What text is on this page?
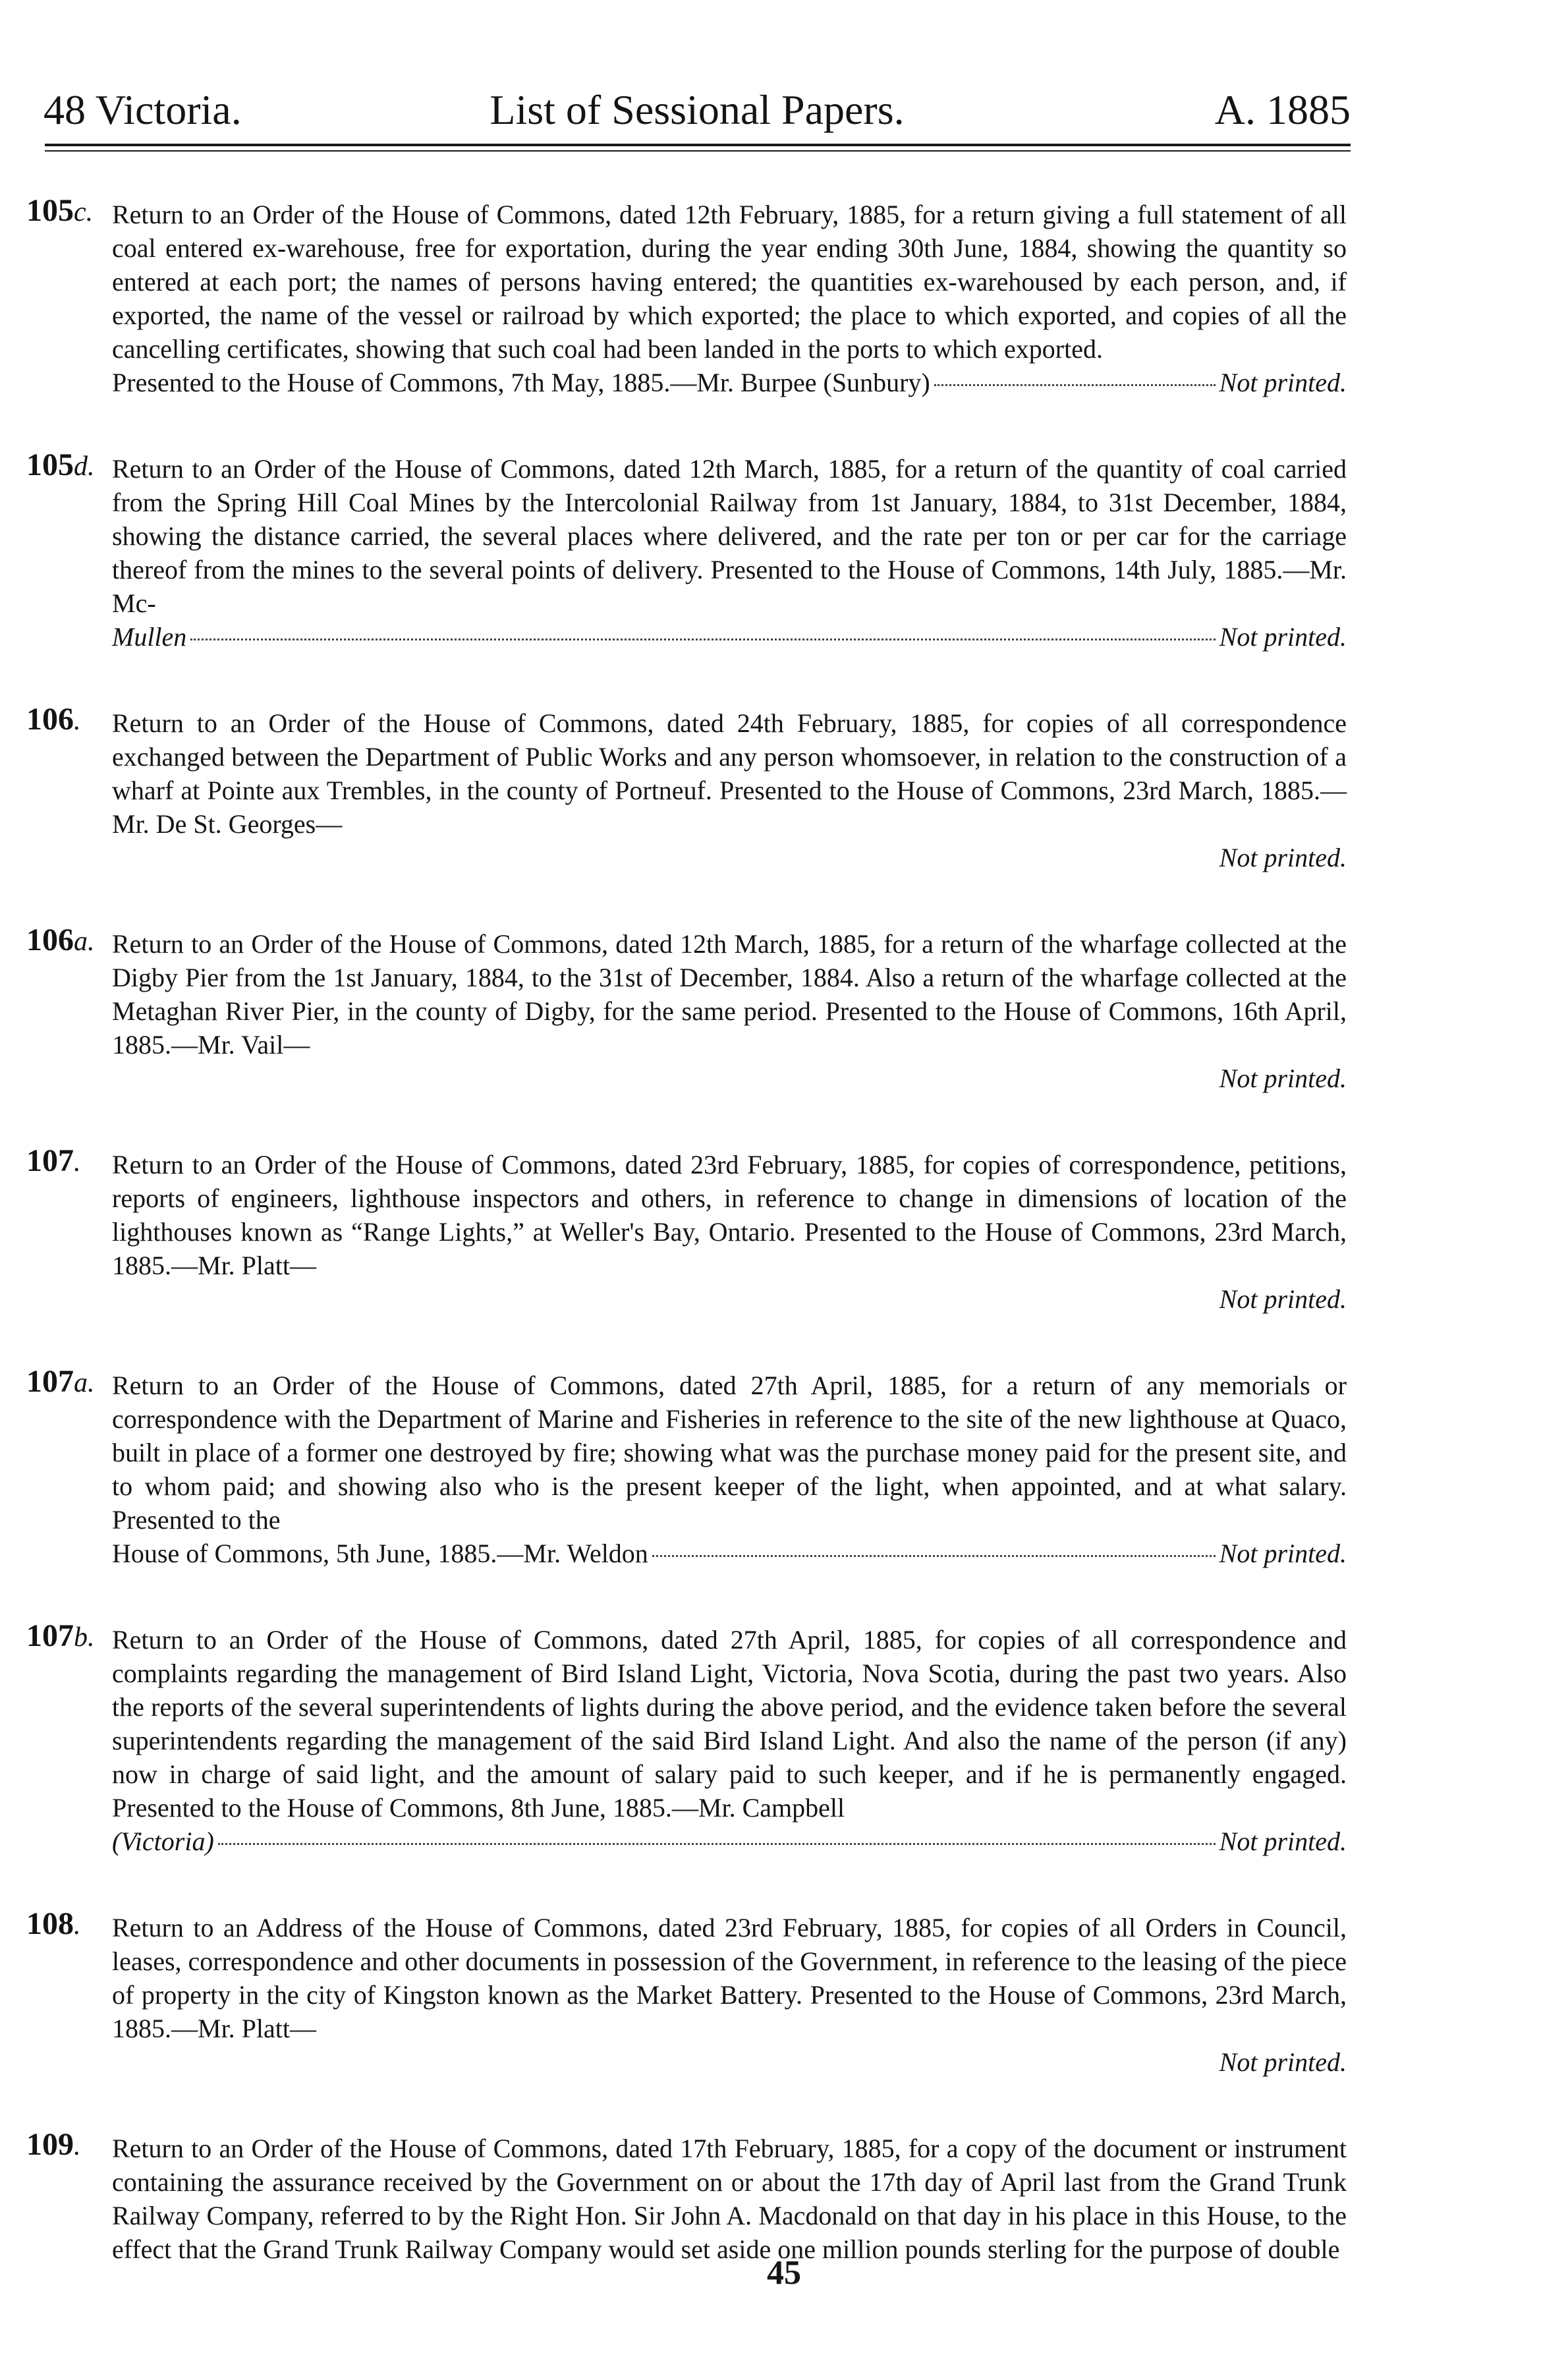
48 Victoria.	List of Sessional Papers.	A. 1885
105c. Return to an Order of the House of Commons, dated 12th February, 1885, for a return giving a full statement of all coal entered ex-warehouse, free for exportation, during the year ending 30th June, 1884, showing the quantity so entered at each port; the names of persons having entered; the quantities ex-warehoused by each person, and, if exported, the name of the vessel or railroad by which exported; the place to which exported, and copies of all the cancelling certificates, showing that such coal had been landed in the ports to which exported.
Presented to the House of Commons, 7th May, 1885.—Mr. Burpee (Sunbury)	Not printed.
105d. Return to an Order of the House of Commons, dated 12th March, 1885, for a return of the quantity of coal carried from the Spring Hill Coal Mines by the Intercolonial Railway from 1st January, 1884, to 31st December, 1884, showing the distance carried, the several places where delivered, and the rate per ton or per car for the carriage thereof from the mines to the several points of delivery. Presented to the House of Commons, 14th July, 1885.—Mr. Mc-
Mullen	Not printed.
106.	Return to an Order of the House of Commons, dated 24th February, 1885, for copies of all correspondence exchanged between the Department of Public Works and any person whomsoever, in relation to the construction of a wharf at Pointe aux Trembles, in the county of Portneuf. Presented to the House of Commons, 23rd March, 1885.—Mr. De St. Georges—
Not printed.
106a. Return to an Order of the House of Commons, dated 12th March, 1885, for a return of the wharfage collected at the Digby Pier from the 1st January, 1884, to the 31st of December, 1884. Also a return of the wharfage collected at the Metaghan River Pier, in the county of Digby, for the same period. Presented to the House of Commons, 16th April, 1885.—Mr. Vail—
Not printed.
107.	Return to an Order of the House of Commons, dated 23rd February, 1885, for copies of correspondence, petitions, reports of engineers, lighthouse inspectors and others, in reference to change in dimensions of location of the lighthouses known as “Range Lights,” at Weller's Bay, Ontario. Presented to the House of Commons, 23rd March, 1885.—Mr. Platt—
Not printed.
107a. Return to an Order of the House of Commons, dated 27th April, 1885, for a return of any memorials or correspondence with the Department of Marine and Fisheries in reference to the site of the new lighthouse at Quaco, built in place of a former one destroyed by fire; showing what was the purchase money paid for the present site, and to whom paid; and showing also who is the present keeper of the light, when appointed, and at what salary. Presented to the
House of Commons, 5th June, 1885.—Mr. Weldon	Not printed.
107b. Return to an Order of the House of Commons, dated 27th April, 1885, for copies of all correspondence and complaints regarding the management of Bird Island Light, Victoria, Nova Scotia, during the past two years. Also the reports of the several superintendents of lights during the above period, and the evidence taken before the several superintendents regarding the management of the said Bird Island Light. And also the name of the person (if any) now in charge of said light, and the amount of salary paid to such keeper, and if he is permanently engaged. Presented to the House of Commons, 8th June, 1885.—Mr. Campbell
(Victoria)	Not printed.
108.	Return to an Address of the House of Commons, dated 23rd February, 1885, for copies of all Orders in Council, leases, correspondence and other documents in possession of the Government, in reference to the leasing of the piece of property in the city of Kingston known as the Market Battery. Presented to the House of Commons, 23rd March, 1885.—Mr. Platt—
Not printed.
109.	Return to an Order of the House of Commons, dated 17th February, 1885, for a copy of the document or instrument containing the assurance received by the Government on or about the 17th day of April last from the Grand Trunk Railway Company, referred to by the Right Hon. Sir John A. Macdonald on that day in his place in this House, to the effect that the Grand Trunk Railway Company would set aside one million pounds sterling for the purpose of double
45
